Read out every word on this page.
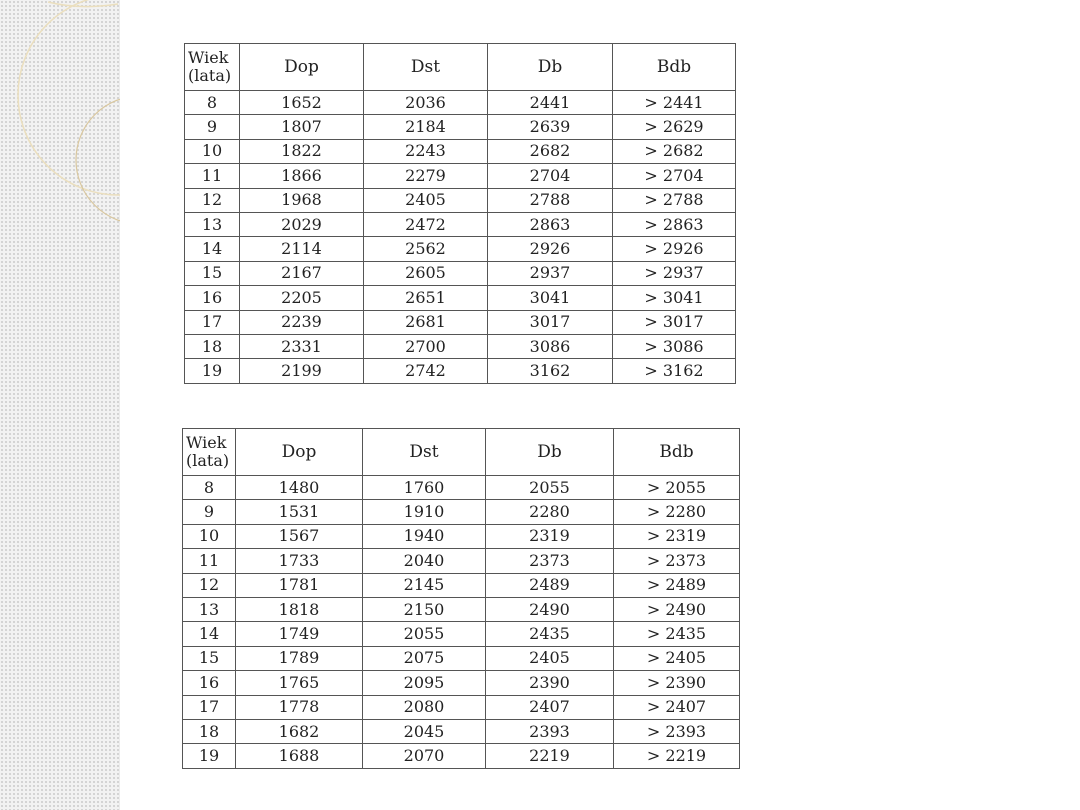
Wiek
(lata)	Dop	Dst	Db	Bdb
8	1652	2036	2441	> 2441
9	1807	2184	2639	> 2629
10	1822	2243	2682	> 2682
11	1866	2279	2704	> 2704
12	1968	2405	2788	> 2788
13	2029	2472	2863	> 2863
14	2114	2562	2926	> 2926
15	2167	2605	2937	> 2937
16	2205	2651	3041	> 3041
17	2239	2681	3017	> 3017
18	2331	2700	3086	> 3086
19	2199	2742	3162	> 3162
Wiek
(lata)	Dop	Dst	Db	Bdb
8	1480	1760	2055	> 2055
9	1531	1910	2280	> 2280
10	1567	1940	2319	> 2319
11	1733	2040	2373	> 2373
12	1781	2145	2489	> 2489
13	1818	2150	2490	> 2490
14	1749	2055	2435	> 2435
15	1789	2075	2405	> 2405
16	1765	2095	2390	> 2390
17	1778	2080	2407	> 2407
18	1682	2045	2393	> 2393
19	1688	2070	2219	> 2219
